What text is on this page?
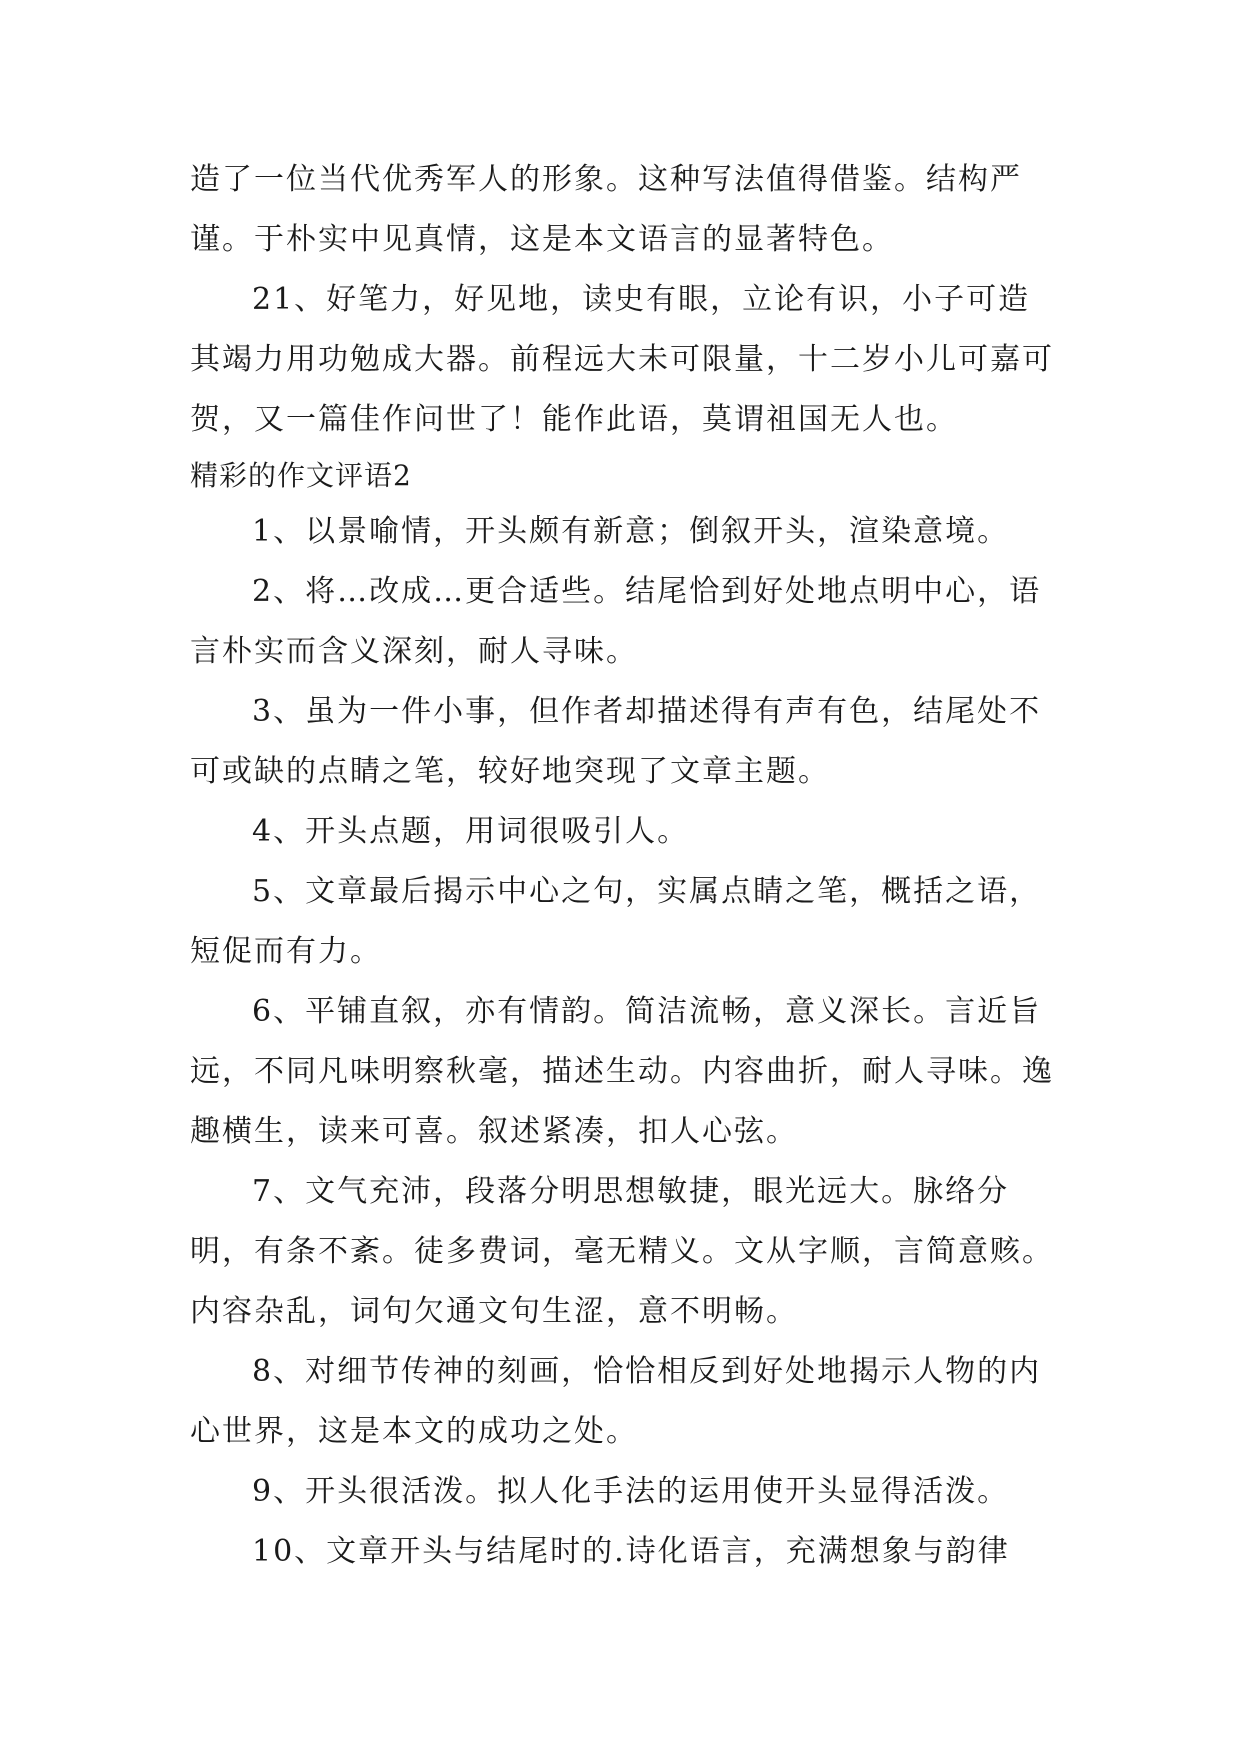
造了一位当代优秀军人的形象。这种写法值得借鉴。结构严谨。于朴实中见真情，这是本文语言的显著特色。

21、好笔力，好见地，读史有眼，立论有识，小子可造其竭力用功勉成大器。前程远大未可限量，十二岁小儿可嘉可贺，又一篇佳作问世了！能作此语，莫谓祖国无人也。

精彩的作文评语2

1、以景喻情，开头颇有新意；倒叙开头，渲染意境。

2、将…改成…更合适些。结尾恰到好处地点明中心，语言朴实而含义深刻，耐人寻味。

3、虽为一件小事，但作者却描述得有声有色，结尾处不可或缺的点睛之笔，较好地突现了文章主题。

4、开头点题，用词很吸引人。

5、文章最后揭示中心之句，实属点睛之笔，概括之语，短促而有力。

6、平铺直叙，亦有情韵。简洁流畅，意义深长。言近旨远，不同凡味明察秋毫，描述生动。内容曲折，耐人寻味。逸趣横生，读来可喜。叙述紧凑，扣人心弦。

7、文气充沛，段落分明思想敏捷，眼光远大。脉络分明，有条不紊。徒多费词，毫无精义。文从字顺，言简意赅。内容杂乱，词句欠通文句生涩，意不明畅。

8、对细节传神的刻画，恰恰相反到好处地揭示人物的内心世界，这是本文的成功之处。

9、开头很活泼。拟人化手法的运用使开头显得活泼。

10、文章开头与结尾时的.诗化语言，充满想象与韵律
